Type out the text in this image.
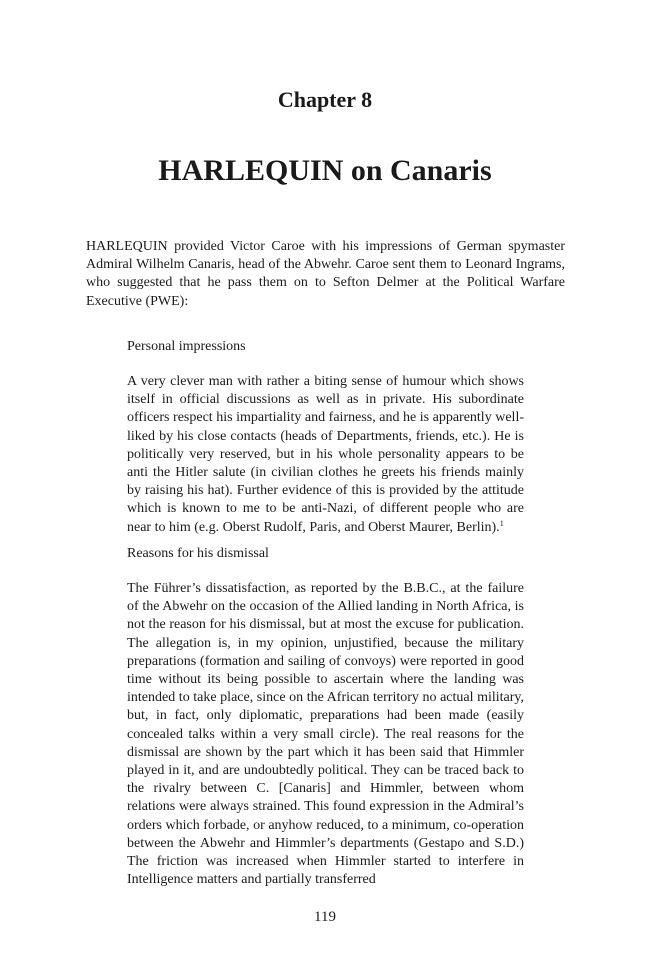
Chapter 8
HARLEQUIN on Canaris

HARLEQUIN provided Victor Caroe with his impressions of German spymaster Admiral Wilhelm Canaris, head of the Abwehr. Caroe sent them to Leonard Ingrams, who suggested that he pass them on to Sefton Delmer at the Political Warfare Executive (PWE):

Personal impressions

A very clever man with rather a biting sense of humour which shows itself in official discussions as well as in private. His subordinate officers respect his impartiality and fairness, and he is apparently well-liked by his close contacts (heads of Departments, friends, etc.). He is politically very reserved, but in his whole personality appears to be anti the Hitler salute (in civilian clothes he greets his friends mainly by raising his hat). Further evidence of this is provided by the attitude which is known to me to be anti-Nazi, of different people who are near to him (e.g. Oberst Rudolf, Paris, and Oberst Maurer, Berlin).$^1$

Reasons for his dismissal

The Führer’s dissatisfaction, as reported by the B.B.C., at the failure of the Abwehr on the occasion of the Allied landing in North Africa, is not the reason for his dismissal, but at most the excuse for publication. The allegation is, in my opinion, unjustified, because the military preparations (formation and sailing of convoys) were reported in good time without its being possible to ascertain where the landing was intended to take place, since on the African territory no actual military, but, in fact, only diplomatic, preparations had been made (easily concealed talks within a very small circle). The real reasons for the dismissal are shown by the part which it has been said that Himmler played in it, and are undoubtedly political. They can be traced back to the rivalry between C. [Canaris] and Himmler, between whom relations were always strained. This found expression in the Admiral’s orders which forbade, or anyhow reduced, to a minimum, co-operation between the Abwehr and Himmler’s departments (Gestapo and S.D.) The friction was increased when Himmler started to interfere in Intelligence matters and partially transferred

119
